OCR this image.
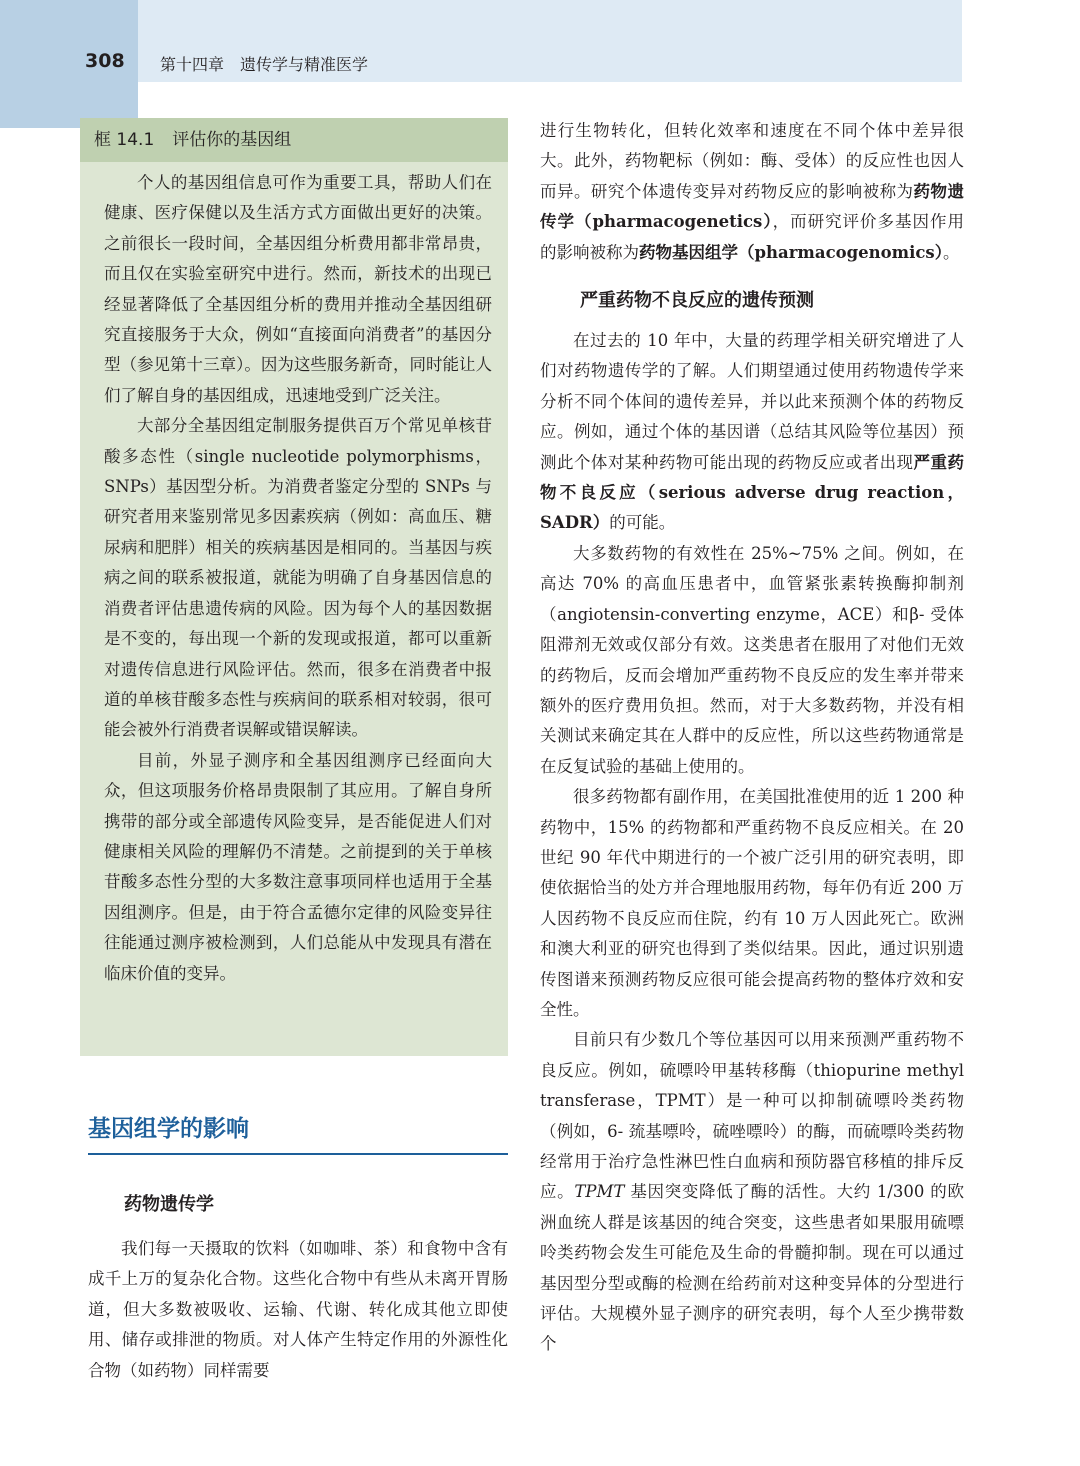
308 第十四章 遗传学与精准医学
框 14.1 评估你的基因组

个人的基因组信息可作为重要工具，帮助人们在健康、医疗保健以及生活方式方面做出更好的决策。之前很长一段时间，全基因组分析费用都非常昂贵，而且仅在实验室研究中进行。然而，新技术的出现已经显著降低了全基因组分析的费用并推动全基因组研究直接服务于大众，例如“直接面向消费者”的基因分型（参见第十三章）。因为这些服务新奇，同时能让人们了解自身的基因组成，迅速地受到广泛关注。

大部分全基因组定制服务提供百万个常见单核苷酸多态性（single nucleotide polymorphisms，SNPs）基因型分析。为消费者鉴定分型的 SNPs 与研究者用来鉴别常见多因素疾病（例如：高血压、糖尿病和肥胖）相关的疾病基因是相同的。当基因与疾病之间的联系被报道，就能为明确了自身基因信息的消费者评估患遗传病的风险。因为每个人的基因数据是不变的，每出现一个新的发现或报道，都可以重新对遗传信息进行风险评估。然而，很多在消费者中报道的单核苷酸多态性与疾病间的联系相对较弱，很可能会被外行消费者误解或错误解读。

目前，外显子测序和全基因组测序已经面向大众，但这项服务价格昂贵限制了其应用。了解自身所携带的部分或全部遗传风险变异，是否能促进人们对健康相关风险的理解仍不清楚。之前提到的关于单核苷酸多态性分型的大多数注意事项同样也适用于全基因组测序。但是，由于符合孟德尔定律的风险变异往往能通过测序被检测到，人们总能从中发现具有潜在临床价值的变异。

基因组学的影响
药物遗传学

我们每一天摄取的饮料（如咖啡、茶）和食物中含有成千上万的复杂化合物。这些化合物中有些从未离开胃肠道，但大多数被吸收、运输、代谢、转化成其他立即使用、储存或排泄的物质。对人体产生特定作用的外源性化合物（如药物）同样需要

进行生物转化，但转化效率和速度在不同个体中差异很大。此外，药物靶标（例如：酶、受体）的反应性也因人而异。研究个体遗传变异对药物反应的影响被称为药物遗传学（pharmacogenetics），而研究评价多基因作用的影响被称为药物基因组学（pharmacogenomics）。

严重药物不良反应的遗传预测

在过去的 10 年中，大量的药理学相关研究增进了人们对药物遗传学的了解。人们期望通过使用药物遗传学来分析不同个体间的遗传差异，并以此来预测个体的药物反应。例如，通过个体的基因谱（总结其风险等位基因）预测此个体对某种药物可能出现的药物反应或者出现严重药物不良反应（serious adverse drug reaction，SADR）的可能。

大多数药物的有效性在 25%~75% 之间。例如，在高达 70% 的高血压患者中，血管紧张素转换酶抑制剂（angiotensin-converting enzyme，ACE）和β- 受体阻滞剂无效或仅部分有效。这类患者在服用了对他们无效的药物后，反而会增加严重药物不良反应的发生率并带来额外的医疗费用负担。然而，对于大多数药物，并没有相关测试来确定其在人群中的反应性，所以这些药物通常是在反复试验的基础上使用的。

很多药物都有副作用，在美国批准使用的近 1 200 种药物中，15% 的药物都和严重药物不良反应相关。在 20 世纪 90 年代中期进行的一个被广泛引用的研究表明，即使依据恰当的处方并合理地服用药物，每年仍有近 200 万人因药物不良反应而住院，约有 10 万人因此死亡。欧洲和澳大利亚的研究也得到了类似结果。因此，通过识别遗传图谱来预测药物反应很可能会提高药物的整体疗效和安全性。

目前只有少数几个等位基因可以用来预测严重药物不良反应。例如，硫嘌呤甲基转移酶（thiopurine methyl transferase，TPMT）是一种可以抑制硫嘌呤类药物（例如，6- 巯基嘌呤，硫唑嘌呤）的酶，而硫嘌呤类药物经常用于治疗急性淋巴性白血病和预防器官移植的排斥反应。TPMT 基因突变降低了酶的活性。大约 1/300 的欧洲血统人群是该基因的纯合突变，这些患者如果服用硫嘌呤类药物会发生可能危及生命的骨髓抑制。现在可以通过基因型分型或酶的检测在给药前对这种变异体的分型进行评估。大规模外显子测序的研究表明，每个人至少携带数个
